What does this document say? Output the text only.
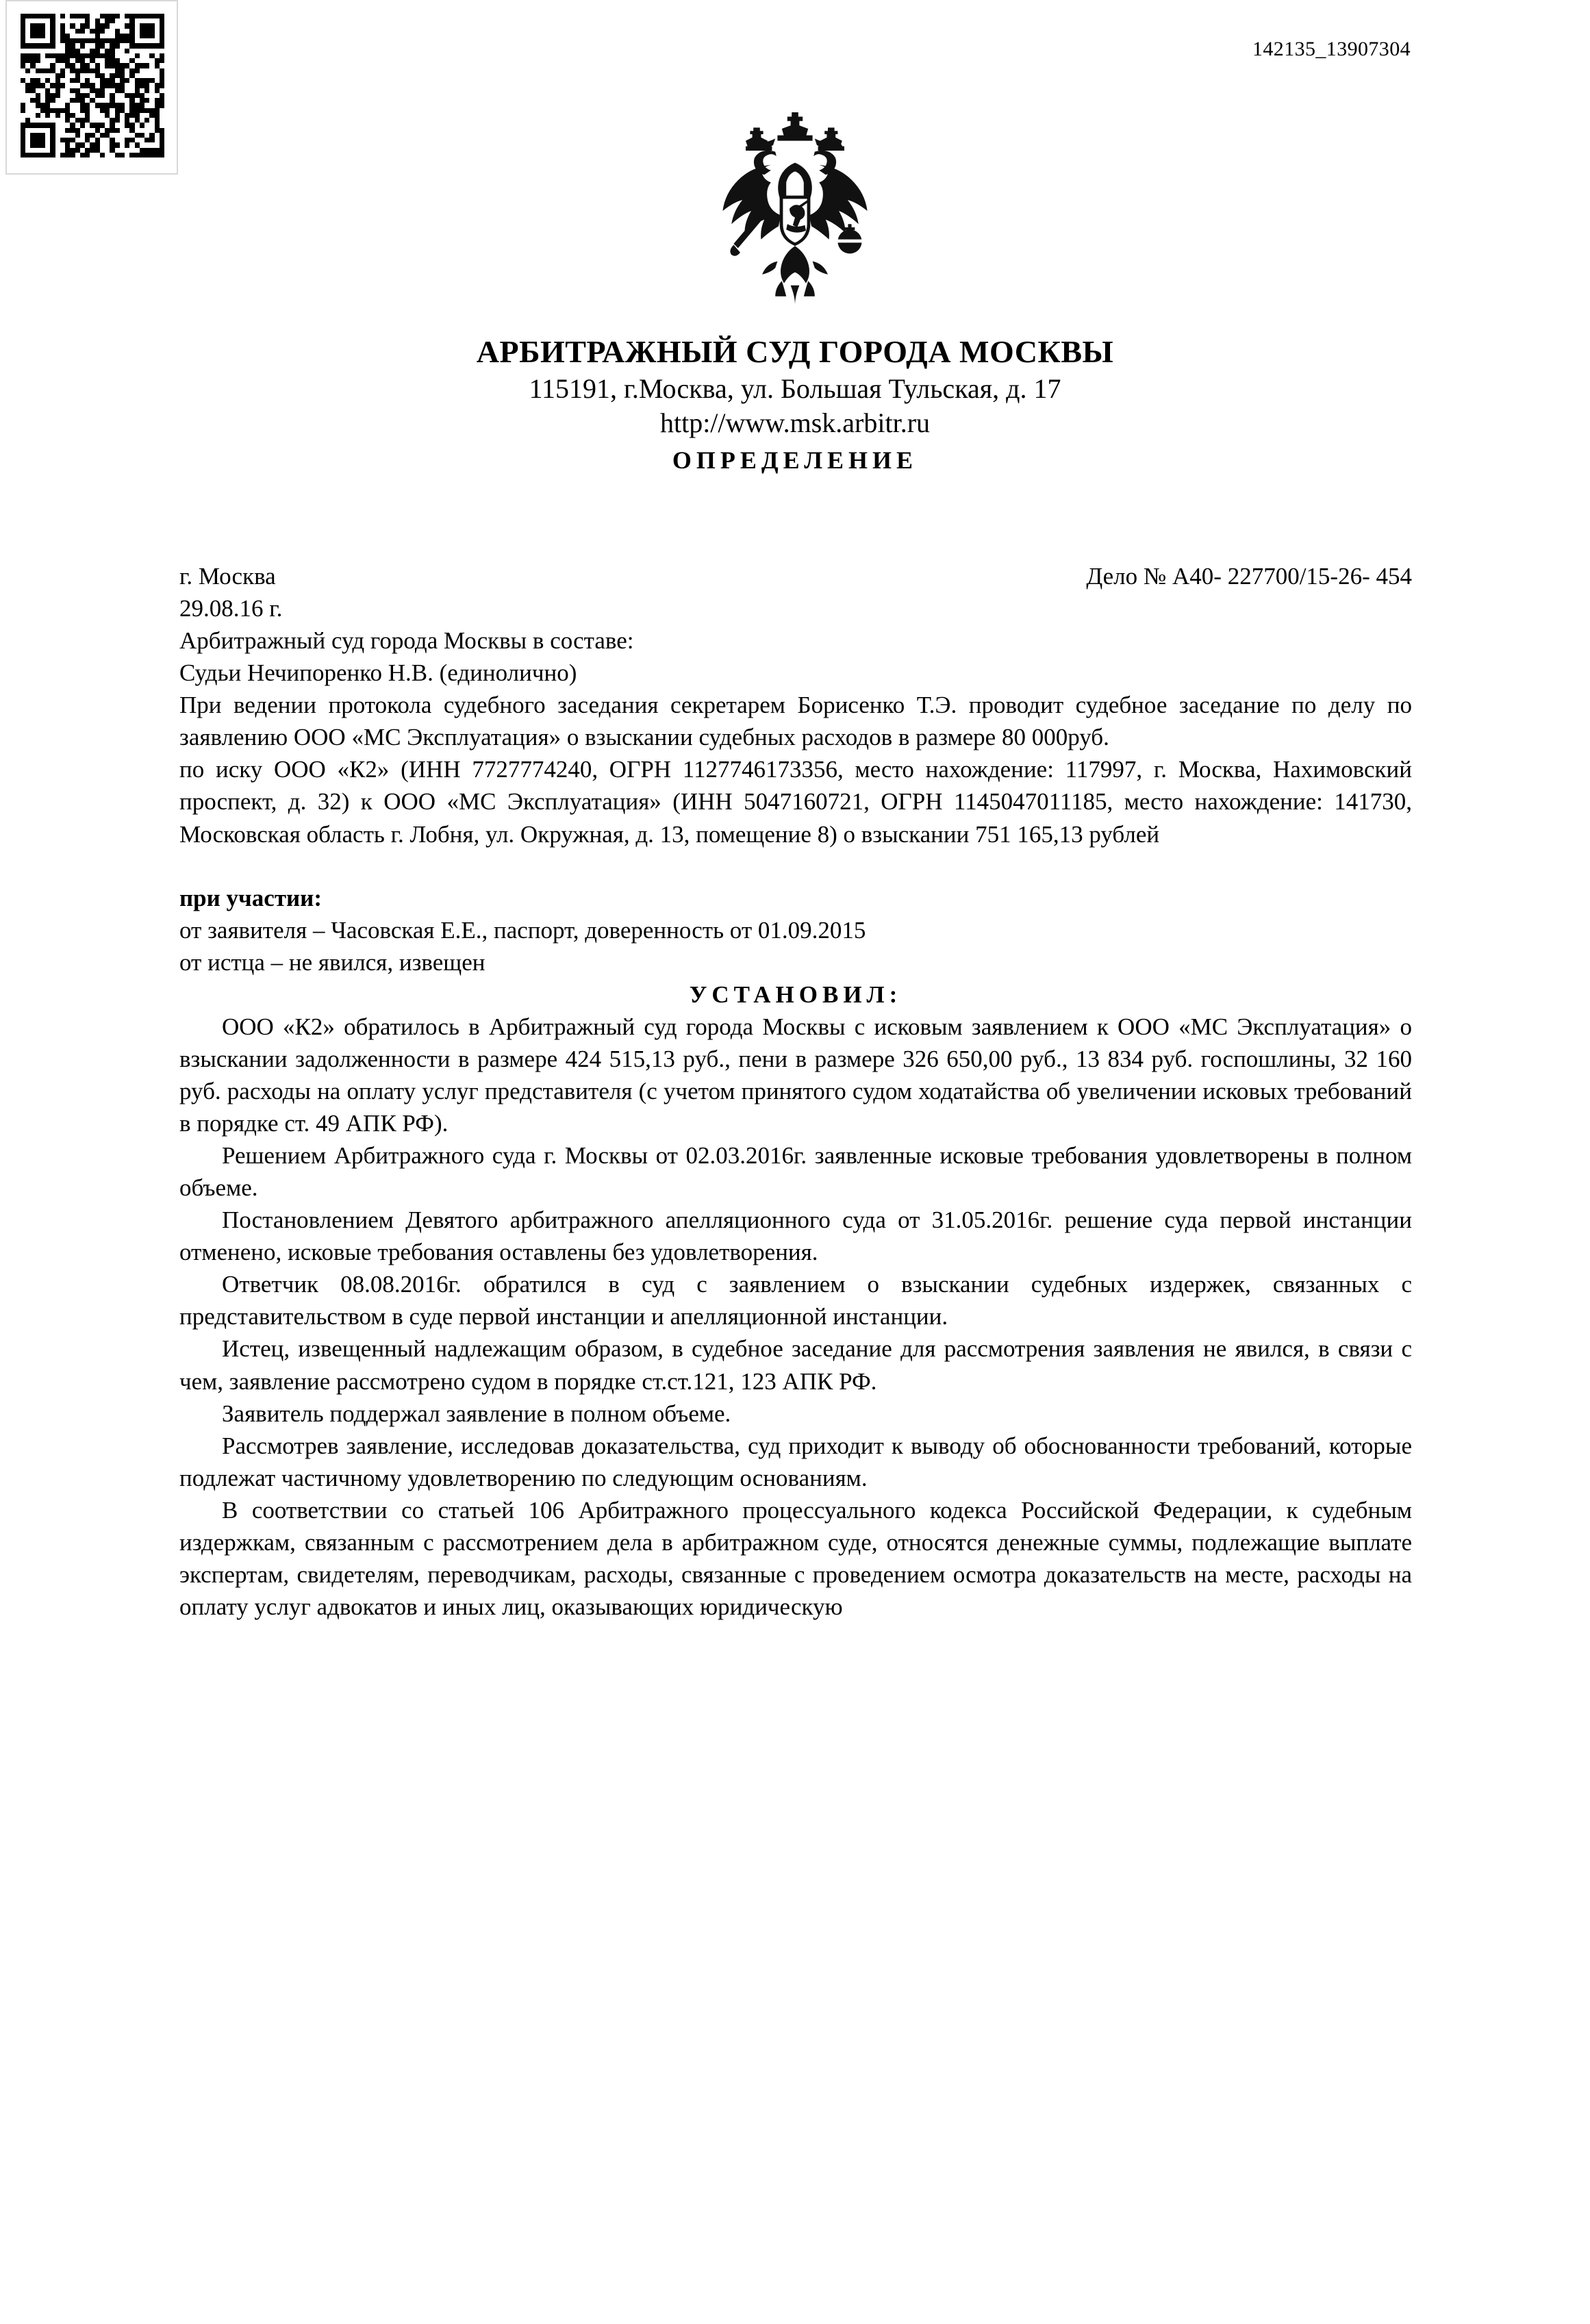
142135_13907304
АРБИТРАЖНЫЙ СУД ГОРОДА МОСКВЫ
115191, г.Москва, ул. Большая Тульская, д. 17
http://www.msk.arbitr.ru
ОПРЕДЕЛЕНИЕ
г. Москва	Дело № А40- 227700/15-26- 454
29.08.16 г.
Арбитражный суд города Москвы в составе:
Судьи Нечипоренко Н.В. (единолично)
При ведении протокола судебного заседания секретарем Борисенко Т.Э. проводит судебное заседание по делу по заявлению ООО «МС Эксплуатация» о взыскании судебных расходов в размере 80 000руб.
по иску ООО «К2» (ИНН 7727774240, ОГРН 1127746173356, место нахождение: 117997, г. Москва, Нахимовский проспект, д. 32) к ООО «МС Эксплуатация» (ИНН 5047160721, ОГРН 1145047011185, место нахождение: 141730, Московская область г. Лобня, ул. Окружная, д. 13, помещение 8) о взыскании 751 165,13 рублей
при участии:
от заявителя – Часовская Е.Е., паспорт, доверенность от 01.09.2015
от истца – не явился, извещен
УСТАНОВИЛ:
ООО «К2» обратилось в Арбитражный суд города Москвы с исковым заявлением к ООО «МС Эксплуатация» о взыскании задолженности в размере 424 515,13 руб., пени в размере 326 650,00 руб., 13 834 руб. госпошлины, 32 160 руб. расходы на оплату услуг представителя (с учетом принятого судом ходатайства об увеличении исковых требований в порядке ст. 49 АПК РФ).
Решением Арбитражного суда г. Москвы от 02.03.2016г. заявленные исковые требования удовлетворены в полном объеме.
Постановлением Девятого арбитражного апелляционного суда от 31.05.2016г. решение суда первой инстанции отменено, исковые требования оставлены без удовлетворения.
Ответчик 08.08.2016г. обратился в суд с заявлением о взыскании судебных издержек, связанных с представительством в суде первой инстанции и апелляционной инстанции.
Истец, извещенный надлежащим образом, в судебное заседание для рассмотрения заявления не явился, в связи с чем, заявление рассмотрено судом в порядке ст.ст.121, 123 АПК РФ.
Заявитель поддержал заявление в полном объеме.
Рассмотрев заявление, исследовав доказательства, суд приходит к выводу об обоснованности требований, которые подлежат частичному удовлетворению по следующим основаниям.
В соответствии со статьей 106 Арбитражного процессуального кодекса Российской Федерации, к судебным издержкам, связанным с рассмотрением дела в арбитражном суде, относятся денежные суммы, подлежащие выплате экспертам, свидетелям, переводчикам, расходы, связанные с проведением осмотра доказательств на месте, расходы на оплату услуг адвокатов и иных лиц, оказывающих юридическую
